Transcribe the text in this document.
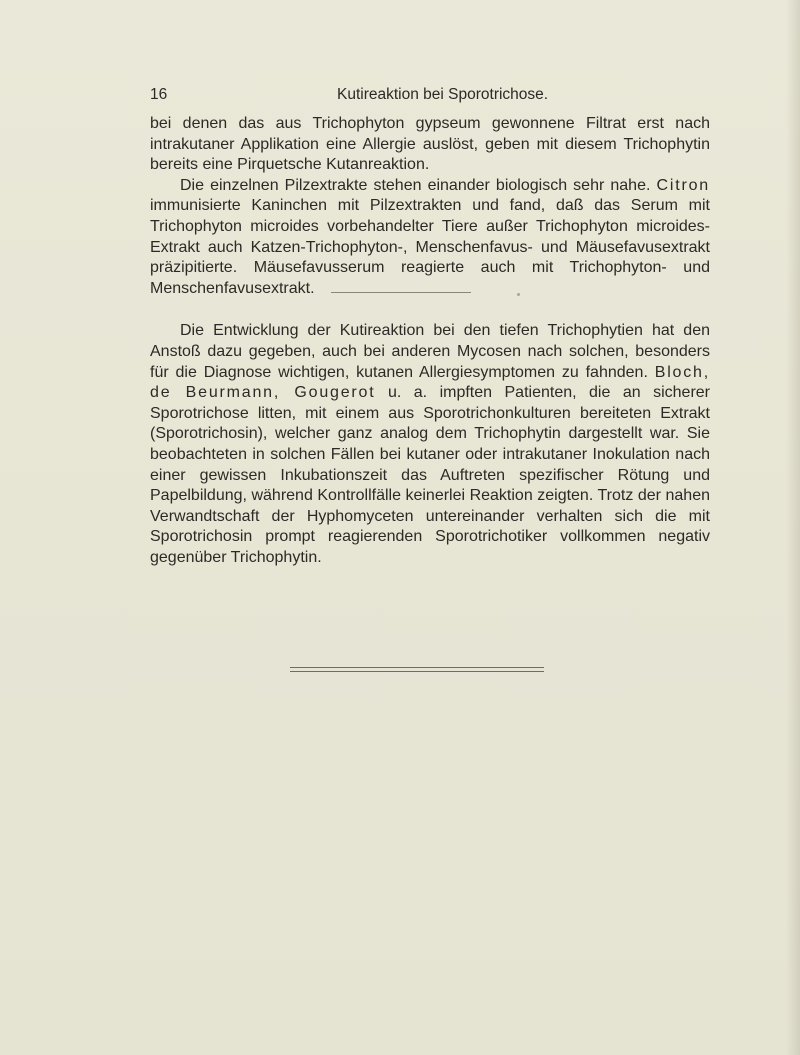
16	Kutireaktion bei Sporotrichose.

bei denen das aus Trichophyton gypseum gewonnene Filtrat erst nach intrakutaner Applikation eine Allergie auslöst, geben mit diesem Trichophytin bereits eine Pirquetsche Kutanreaktion.

Die einzelnen Pilzextrakte stehen einander biologisch sehr nahe. Citron immunisierte Kaninchen mit Pilzextrakten und fand, daß das Serum mit Trichophyton microides vorbehandelter Tiere außer Trichophyton microides-Extrakt auch Katzen-Trichophyton-, Menschenfavus- und Mäusefavusextrakt präzipitierte. Mäusefavusserum reagierte auch mit Trichophyton- und Menschenfavusextrakt.

Die Entwicklung der Kutireaktion bei den tiefen Trichophytien hat den Anstoß dazu gegeben, auch bei anderen Mycosen nach solchen, besonders für die Diagnose wichtigen, kutanen Allergiesymptomen zu fahnden. Bloch, de Beurmann, Gougerot u. a. impften Patienten, die an sicherer Sporotrichose litten, mit einem aus Sporotrichonkulturen bereiteten Extrakt (Sporotrichosin), welcher ganz analog dem Trichophytin dargestellt war. Sie beobachteten in solchen Fällen bei kutaner oder intrakutaner Inokulation nach einer gewissen Inkubationszeit das Auftreten spezifischer Rötung und Papelbildung, während Kontrollfälle keinerlei Reaktion zeigten. Trotz der nahen Verwandtschaft der Hyphomyceten untereinander verhalten sich die mit Sporotrichosin prompt reagierenden Sporotrichotiker vollkommen negativ gegenüber Trichophytin.
